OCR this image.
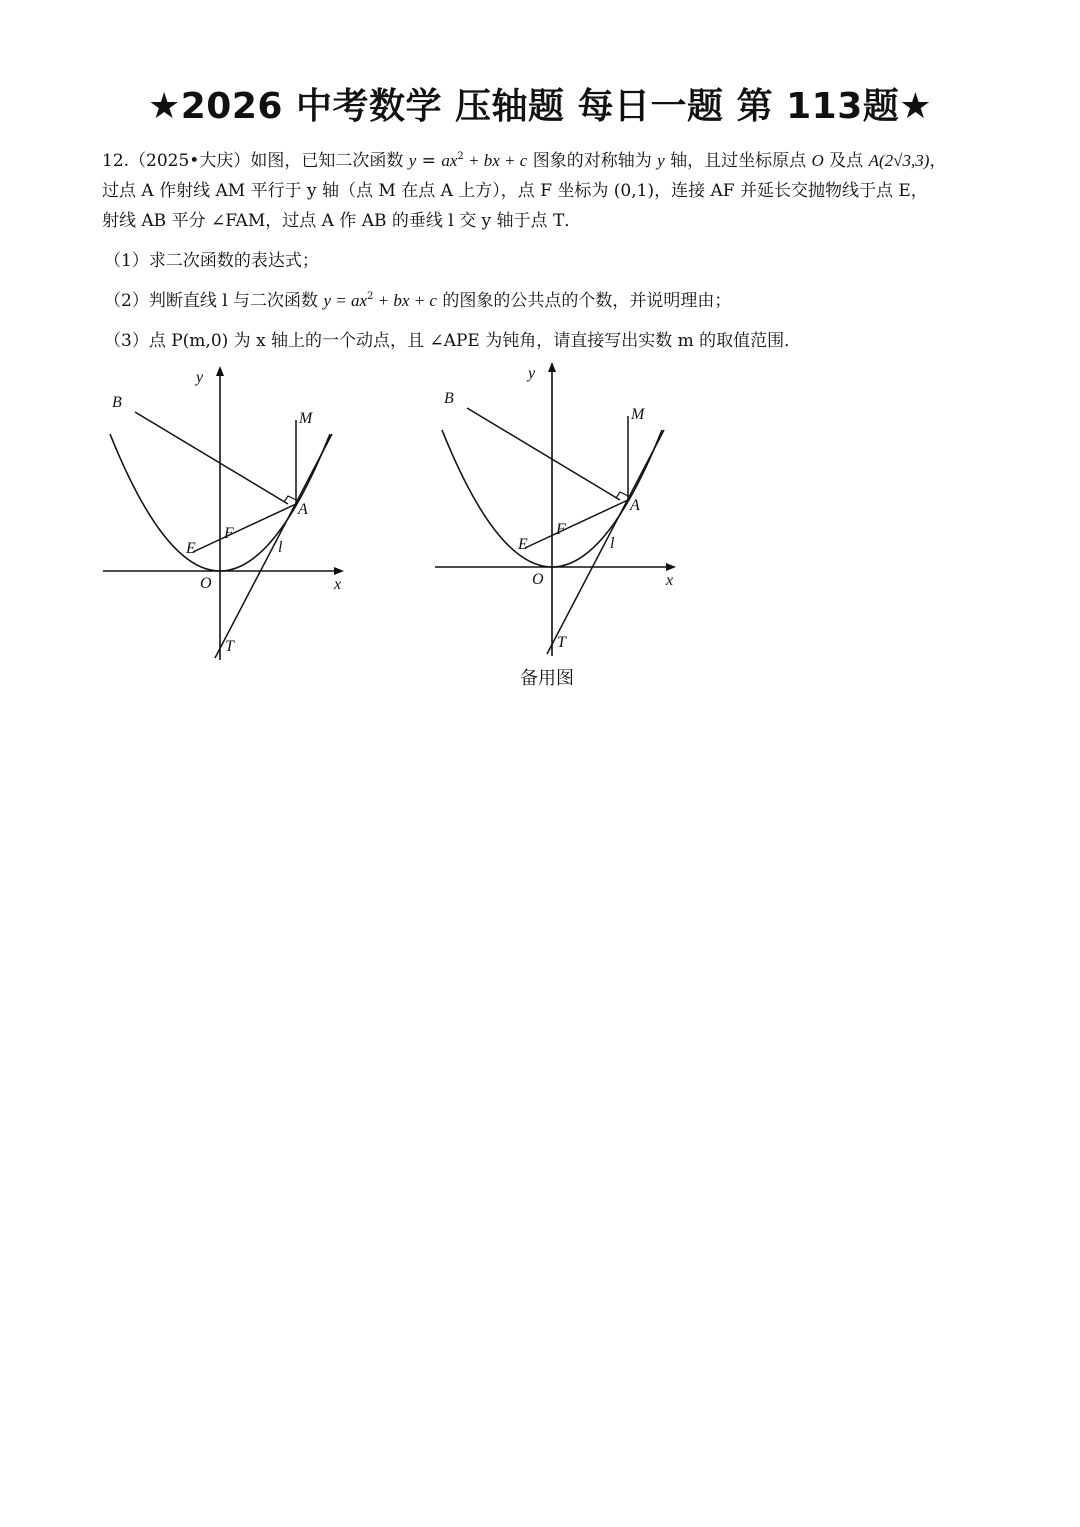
★2026 中考数学 压轴题 每日一题 第 113题★

12.（2025•大庆）如图，已知二次函数 $y = ax^2$ + bx + c 图象的对称轴为 y 轴，且过坐标原点 O 及点 A(2√3,3)，
过点 A 作射线 AM 平行于 y 轴（点 M 在点 A 上方），点 F 坐标为 (0,1)，连接 AF 并延长交抛物线于点 E，
射线 AB 平分 ∠FAM，过点 A 作 AB 的垂线 l 交 y 轴于点 T．

（1）求二次函数的表达式；

（2）判断直线 l 与二次函数 $y = ax^2$ + bx + c 的图象的公共点的个数，并说明理由；

（3）点 P(m,0) 为 x 轴上的一个动点，且 ∠APE 为钝角，请直接写出实数 m 的取值范围．

y
x
O
B
M
A
E
F
l
T
y
x
O
B
M
A
E
F
l
T
备用图
